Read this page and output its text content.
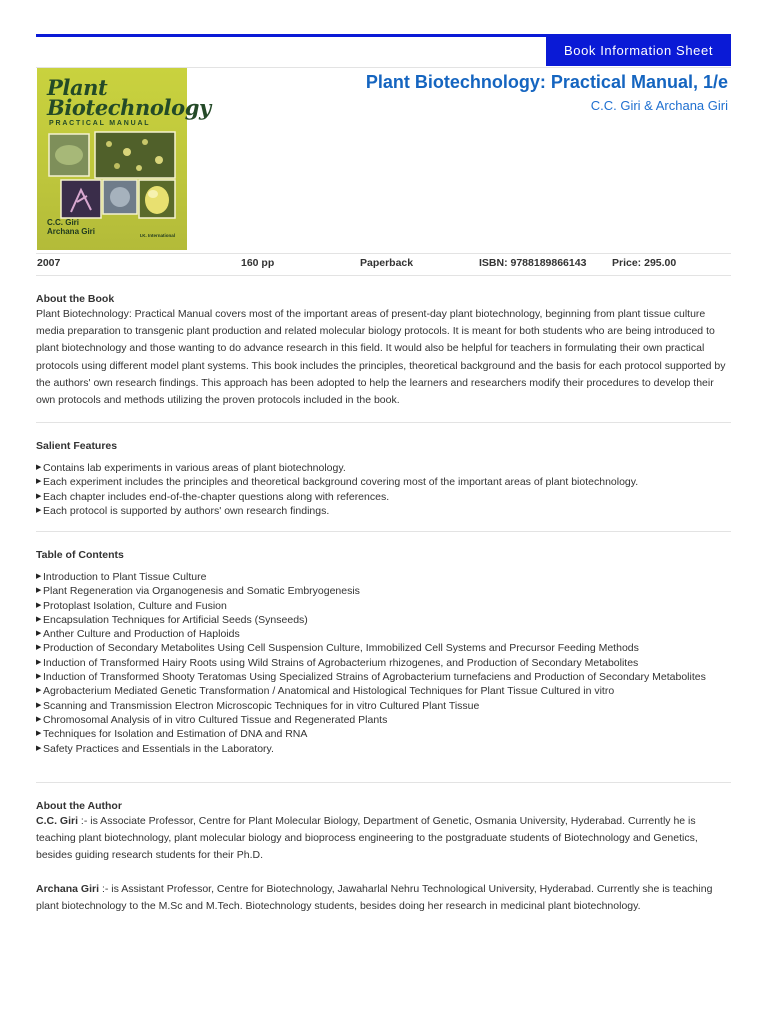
Book Information Sheet
Plant
Biotechnology
PRACTICAL MANUAL
C.C. Giri
Archana Giri	I.K. International
Plant Biotechnology: Practical Manual, 1/e
C.C. Giri & Archana Giri
2007	160 pp	Paperback	ISBN: 9788189866143 Price: 295.00
About the Book

Plant Biotechnology: Practical Manual covers most of the important areas of present-day plant biotechnology, beginning from plant tissue culture media preparation to transgenic plant production and related molecular biology protocols. It is meant for both students who are being introduced to plant biotechnology and those wanting to do advance research in this field. It would also be helpful for teachers in formulating their own practical protocols using different model plant systems. This book includes the principles, theoretical background and the basis for each protocol supported by the authors' own research findings. This approach has been adopted to help the learners and researchers modify their procedures to develop their own protocols and methods utilizing the proven protocols included in the book.

Salient Features
▶ Contains lab experiments in various areas of plant biotechnology.
▶ Each experiment includes the principles and theoretical background covering most of the important areas of plant biotechnology.
▶ Each chapter includes end-of-the-chapter questions along with references.
▶ Each protocol is supported by authors' own research findings.
Table of Contents
▶ Introduction to Plant Tissue Culture
▶ Plant Regeneration via Organogenesis and Somatic Embryogenesis
▶ Protoplast Isolation, Culture and Fusion
▶ Encapsulation Techniques for Artificial Seeds (Synseeds)
▶ Anther Culture and Production of Haploids
▶ Production of Secondary Metabolites Using Cell Suspension Culture, Immobilized Cell Systems and Precursor Feeding Methods
▶ Induction of Transformed Hairy Roots using Wild Strains of Agrobacterium rhizogenes, and Production of Secondary Metabolites
▶ Induction of Transformed Shooty Teratomas Using Specialized Strains of Agrobacterium turnefaciens and Production of Secondary Metabolites
▶ Agrobacterium Mediated Genetic Transformation / Anatomical and Histological Techniques for Plant Tissue Cultured in vitro
▶ Scanning and Transmission Electron Microscopic Techniques for in vitro Cultured Plant Tissue
▶ Chromosomal Analysis of in vitro Cultured Tissue and Regenerated Plants
▶ Techniques for Isolation and Estimation of DNA and RNA
▶ Safety Practices and Essentials in the Laboratory.
About the Author

C.C. Giri :- is Associate Professor, Centre for Plant Molecular Biology, Department of Genetic, Osmania University, Hyderabad. Currently he is teaching plant biotechnology, plant molecular biology and bioprocess engineering to the postgraduate students of Biotechnology and Genetics, besides guiding research students for their Ph.D.

Archana Giri :- is Assistant Professor, Centre for Biotechnology, Jawaharlal Nehru Technological University, Hyderabad. Currently she is teaching plant biotechnology to the M.Sc and M.Tech. Biotechnology students, besides doing her research in medicinal plant biotechnology.
